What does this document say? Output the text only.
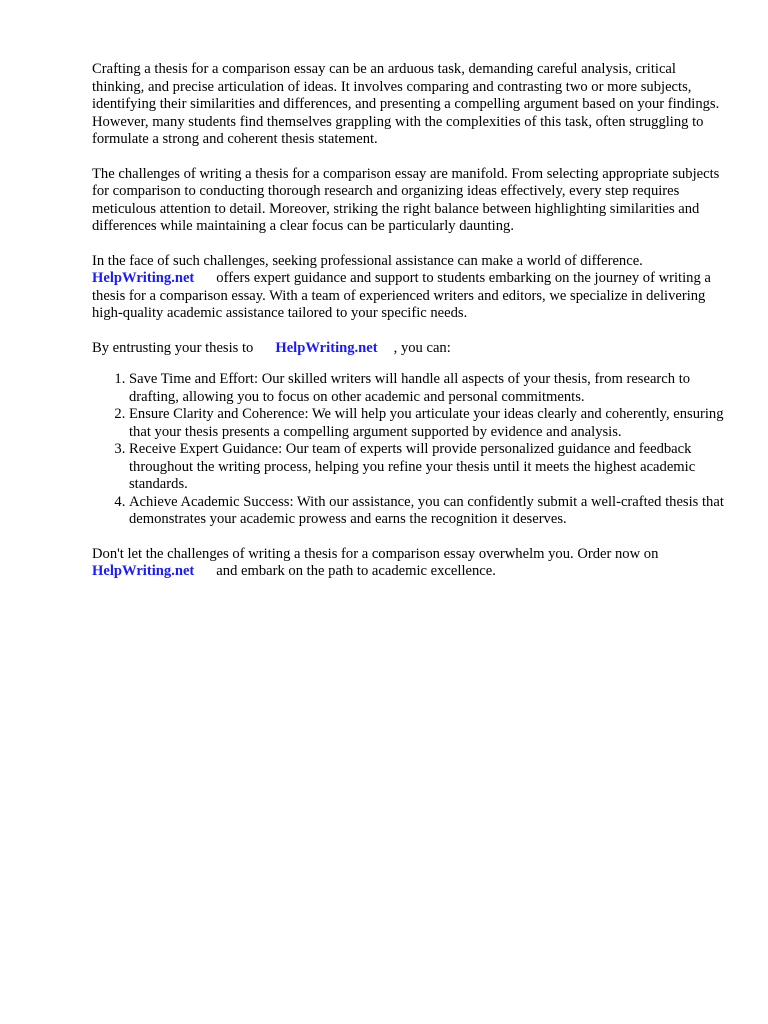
Crafting a thesis for a comparison essay can be an arduous task, demanding careful analysis, critical thinking, and precise articulation of ideas. It involves comparing and contrasting two or more subjects, identifying their similarities and differences, and presenting a compelling argument based on your findings. However, many students find themselves grappling with the complexities of this task, often struggling to formulate a strong and coherent thesis statement.

The challenges of writing a thesis for a comparison essay are manifold. From selecting appropriate subjects for comparison to conducting thorough research and organizing ideas effectively, every step requires meticulous attention to detail. Moreover, striking the right balance between highlighting similarities and differences while maintaining a clear focus can be particularly daunting.

In the face of such challenges, seeking professional assistance can make a world of difference.
HelpWriting.net offers expert guidance and support to students embarking on the journey of writing a thesis for a comparison essay. With a team of experienced writers and editors, we specialize in delivering high-quality academic assistance tailored to your specific needs.

By entrusting your thesis to HelpWriting.net , you can:

1. Save Time and Effort: Our skilled writers will handle all aspects of your thesis, from research to drafting, allowing you to focus on other academic and personal commitments.
2. Ensure Clarity and Coherence: We will help you articulate your ideas clearly and coherently, ensuring that your thesis presents a compelling argument supported by evidence and analysis.
3. Receive Expert Guidance: Our team of experts will provide personalized guidance and feedback throughout the writing process, helping you refine your thesis until it meets the highest academic standards.
4. Achieve Academic Success: With our assistance, you can confidently submit a well-crafted thesis that demonstrates your academic prowess and earns the recognition it deserves.

Don't let the challenges of writing a thesis for a comparison essay overwhelm you. Order now on
HelpWriting.net and embark on the path to academic excellence.
